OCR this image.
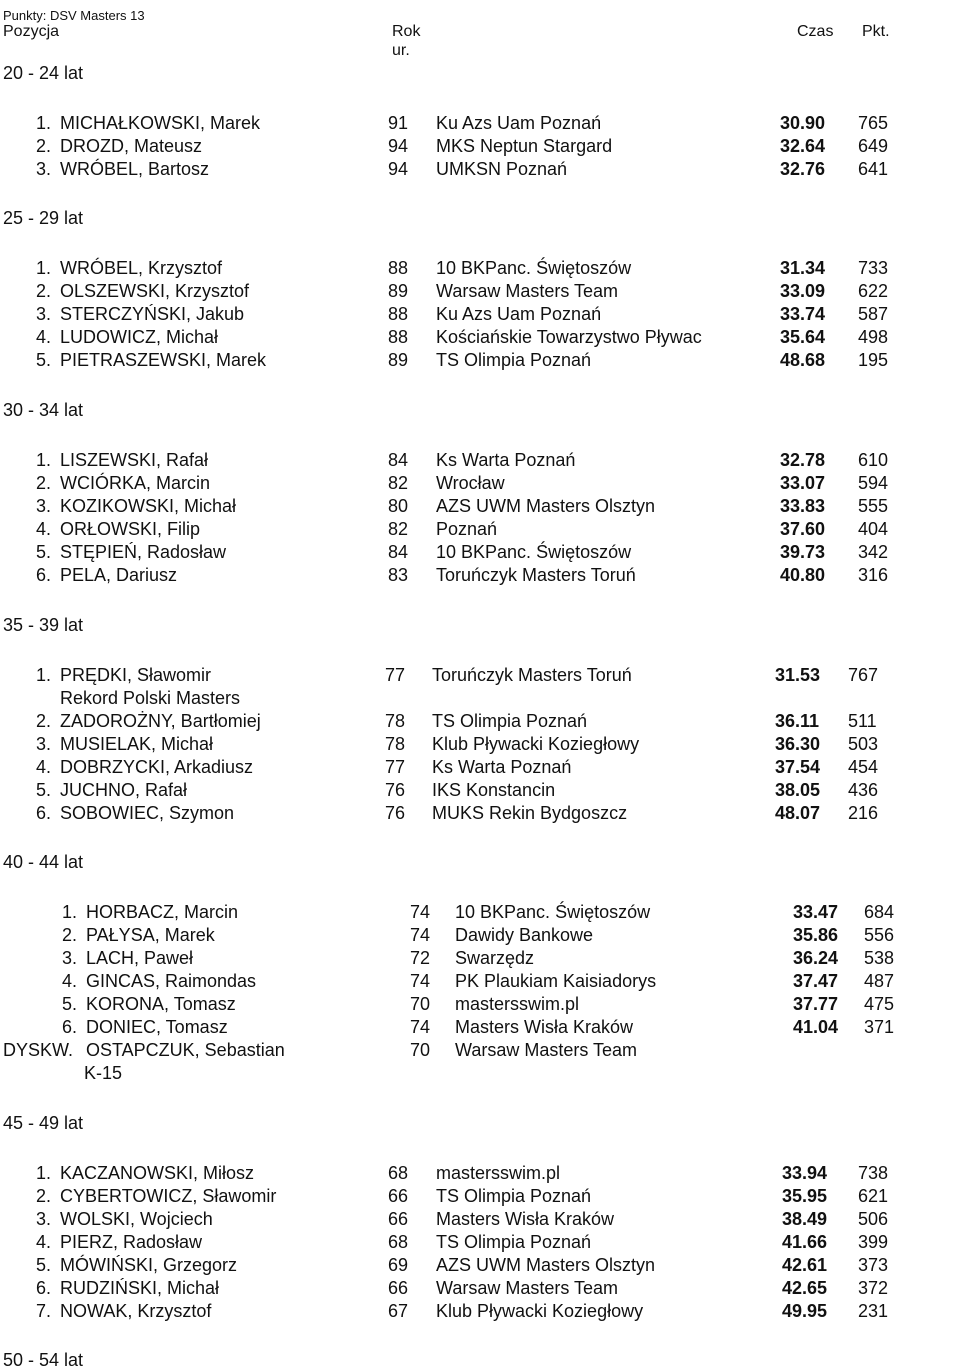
Punkty: DSV Masters 13
Pozycja	Rok
ur.
Czas Pkt.
20 - 24 lat
1. MICHAŁKOWSKI, Marek	91 Ku Azs Uam Poznań	30.90 765
2. DROZD, Mateusz	94 MKS Neptun Stargard	32.64 649
3. WRÓBEL, Bartosz	94 UMKSN Poznań	32.76 641
25 - 29 lat
1. WRÓBEL, Krzysztof	88 10 BKPanc. Świętoszów	31.34 733
2. OLSZEWSKI, Krzysztof	89 Warsaw Masters Team	33.09 622
3. STERCZYŃSKI, Jakub	88 Ku Azs Uam Poznań	33.74 587
4. LUDOWICZ, Michał	88 Kościańskie Towarzystwo Pływac	35.64 498
5. PIETRASZEWSKI, Marek	89 TS Olimpia Poznań	48.68 195
30 - 34 lat
1. LISZEWSKI, Rafał	84 Ks Warta Poznań	32.78 610
2. WCIÓRKA, Marcin	82 Wrocław	33.07 594
3. KOZIKOWSKI, Michał	80 AZS UWM Masters Olsztyn	33.83 555
4. ORŁOWSKI, Filip	82 Poznań	37.60 404
5. STĘPIEŃ, Radosław	84 10 BKPanc. Świętoszów	39.73 342
6. PELA, Dariusz	83 Toruńczyk Masters Toruń	40.80 316
35 - 39 lat
1. PRĘDKI, Sławomir	77 Toruńczyk Masters Toruń	31.53 767
Rekord Polski Masters
2. ZADOROŻNY, Bartłomiej	78 TS Olimpia Poznań	36.11 511
3. MUSIELAK, Michał	78 Klub Pływacki Koziegłowy	36.30 503
4. DOBRZYCKI, Arkadiusz	77 Ks Warta Poznań	37.54 454
5. JUCHNO, Rafał	76 IKS Konstancin	38.05 436
6. SOBOWIEC, Szymon	76 MUKS Rekin Bydgoszcz	48.07 216
40 - 44 lat
1. HORBACZ, Marcin	74 10 BKPanc. Świętoszów	33.47 684
2. PAŁYSA, Marek	74 Dawidy Bankowe	35.86 556
3. LACH, Paweł	72 Swarzędz	36.24 538
4. GINCAS, Raimondas	74 PK Plaukiam Kaisiadorys	37.47 487
5. KORONA, Tomasz	70 mastersswim.pl	37.77 475
6. DONIEC, Tomasz	74 Masters Wisła Kraków	41.04 371
DYSKW. OSTAPCZUK, Sebastian	70 Warsaw Masters Team
K-15
45 - 49 lat
1. KACZANOWSKI, Miłosz	68 mastersswim.pl	33.94 738
2. CYBERTOWICZ, Sławomir	66 TS Olimpia Poznań	35.95 621
3. WOLSKI, Wojciech	66 Masters Wisła Kraków	38.49 506
4. PIERZ, Radosław	68 TS Olimpia Poznań	41.66 399
5. MÓWIŃSKI, Grzegorz	69 AZS UWM Masters Olsztyn	42.61 373
6. RUDZIŃSKI, Michał	66 Warsaw Masters Team	42.65 372
7. NOWAK, Krzysztof	67 Klub Pływacki Koziegłowy	49.95 231
50 - 54 lat
